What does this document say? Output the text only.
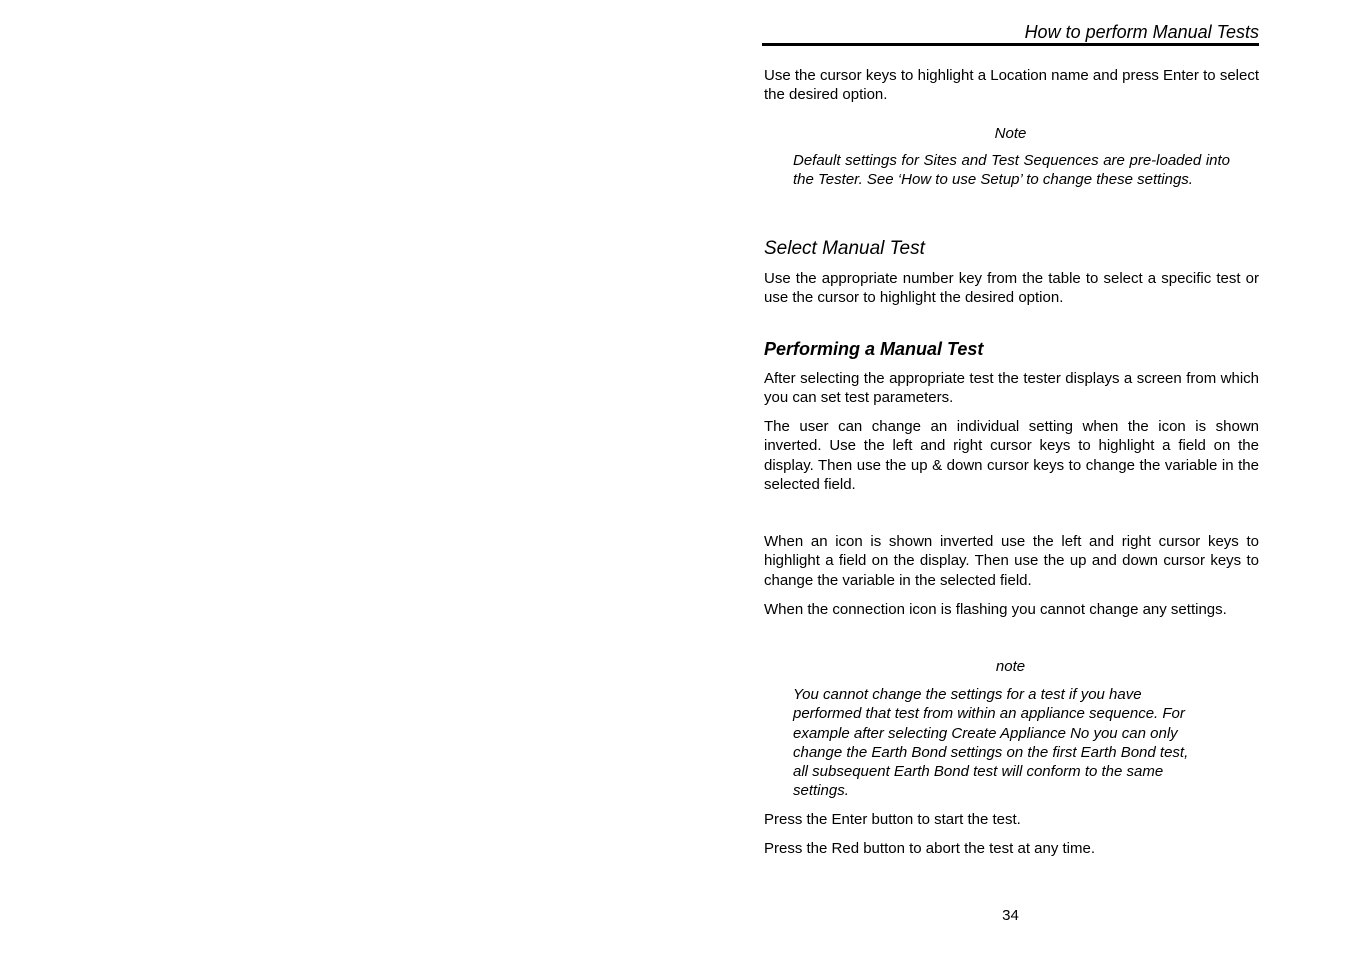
How to perform Manual Tests

Use the cursor keys to highlight a Location name and press Enter to select the desired option.

Note

Default settings for Sites and Test Sequences are pre-loaded into the Tester. See ‘How to use Setup’ to change these settings.

Select Manual Test

Use the appropriate number key from the table to select a specific test or use the cursor to highlight the desired option.

Performing a Manual Test

After selecting the appropriate test the tester displays a screen from which you can set test parameters.

The user can change an individual setting when the icon is shown inverted. Use the left and right cursor keys to highlight a field on the display. Then use the up & down cursor keys to change the variable in the selected field.

When an icon is shown inverted use the left and right cursor keys to highlight a field on the display. Then use the up and down cursor keys to change the variable in the selected field.

When the connection icon is flashing you cannot change any settings.

note
You cannot change the settings for a test if you have
performed that test from within an appliance sequence. For
example after selecting Create Appliance No you can only
change the Earth Bond settings on the first Earth Bond test,
all subsequent Earth Bond test will conform to the same
settings.

Press the Enter button to start the test.

Press the Red button to abort the test at any time.

34
